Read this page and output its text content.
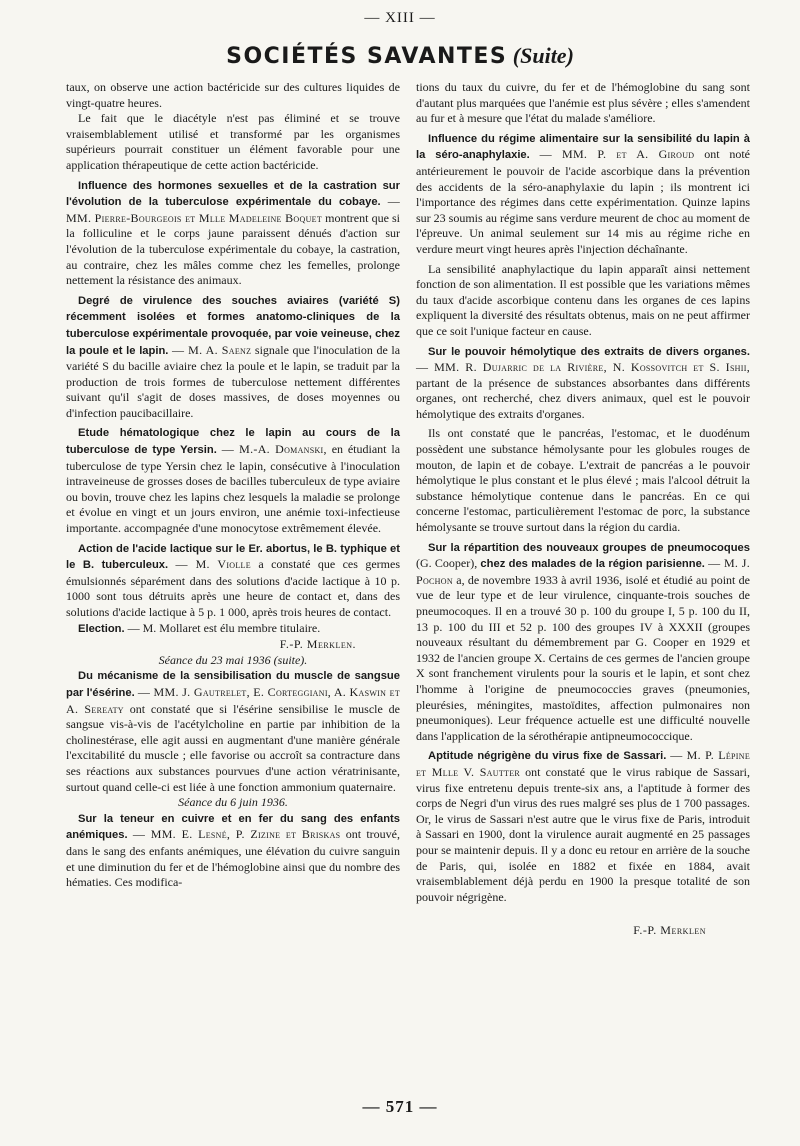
— XIII —
SOCIÉTÉS SAVANTES (Suite)

taux, on observe une action bactéricide sur des cultures liquides de vingt-quatre heures.

Le fait que le diacétyle n'est pas éliminé et se trouve vraisemblablement utilisé et transformé par les organismes supérieurs pourrait constituer un élément favorable pour une application thérapeutique de cette action bactéricide.

Influence des hormones sexuelles et de la castration sur l'évolution de la tuberculose expérimentale du cobaye. — MM. Pierre-Bourgeois et Mlle Madeleine Boquet montrent que si la folliculine et le corps jaune paraissent dénués d'action sur l'évolution de la tuberculose expérimentale du cobaye, la castration, au contraire, chez les mâles comme chez les femelles, prolonge nettement la résistance des animaux.

Degré de virulence des souches aviaires (variété S) récemment isolées et formes anatomo-cliniques de la tuberculose expérimentale provoquée, par voie veineuse, chez la poule et le lapin. — M. A. Saenz signale que l'inoculation de la variété S du bacille aviaire chez la poule et le lapin, se traduit par la production de trois formes de tuberculose nettement différentes suivant qu'il s'agit de doses massives, de doses moyennes ou d'infection paucibacillaire.

Etude hématologique chez le lapin au cours de la tuberculose de type Yersin. — M.-A. Domanski, en étudiant la tuberculose de type Yersin chez le lapin, consécutive à l'inoculation intraveineuse de grosses doses de bacilles tuberculeux de type aviaire ou bovin, trouve chez les lapins chez lesquels la maladie se prolonge et évolue en vingt et un jours environ, une anémie toxi-infectieuse importante. accompagnée d'une monocytose extrêmement élevée.

Action de l'acide lactique sur le Er. abortus, le B. typhique et le B. tuberculeux. — M. Violle a constaté que ces germes émulsionnés séparément dans des solutions d'acide lactique à 10 p. 1000 sont tous détruits après une heure de contact et, dans des solutions d'acide lactique à 5 p. 1 000, après trois heures de contact.

Election. — M. Mollaret est élu membre titulaire.

F.-P. Merklen.

Séance du 23 mai 1936 (suite).

Du mécanisme de la sensibilisation du muscle de sangsue par l'ésérine. — MM. J. Gautrelet, E. Corteggiani, A. Kaswin et A. Sereaty ont constaté que si l'ésérine sensibilise le muscle de sangsue vis-à-vis de l'acétylcholine en partie par inhibition de la cholinestérase, elle agit aussi en augmentant d'une manière générale l'excitabilité du muscle ; elle favorise ou accroît sa contracture dans ses réactions aux substances pourvues d'une action vératrinisante, surtout quand celle-ci est liée à une fonction ammonium quaternaire.

Séance du 6 juin 1936.

Sur la teneur en cuivre et en fer du sang des enfants anémiques. — MM. E. Lesné, P. Zizine et Briskas ont trouvé, dans le sang des enfants anémiques, une élévation du cuivre sanguin et une diminution du fer et de l'hémoglobine ainsi que du nombre des hématies. Ces modifica-

tions du taux du cuivre, du fer et de l'hémoglobine du sang sont d'autant plus marquées que l'anémie est plus sévère ; elles s'amendent au fur et à mesure que l'état du malade s'améliore.

Influence du régime alimentaire sur la sensibilité du lapin à la séro-anaphylaxie. — MM. P. et A. Giroud ont noté antérieurement le pouvoir de l'acide ascorbique dans la prévention des accidents de la séro-anaphylaxie du lapin ; ils montrent ici l'importance des régimes dans cette expérimentation. Quinze lapins sur 23 soumis au régime sans verdure meurent de choc au moment de l'épreuve. Un animal seulement sur 14 mis au régime riche en verdure meurt vingt heures après l'injection déchaînante.

La sensibilité anaphylactique du lapin apparaît ainsi nettement fonction de son alimentation. Il est possible que les variations mêmes du taux d'acide ascorbique contenu dans les organes de ces lapins expliquent la diversité des résultats obtenus, mais on ne peut affirmer que ce soit l'unique facteur en cause.

Sur le pouvoir hémolytique des extraits de divers organes. — MM. R. Dujarric de la Rivière, N. Kossovitch et S. Ishii, partant de la présence de substances absorbantes dans différents organes, ont recherché, chez divers animaux, quel est le pouvoir hémolytique des extraits d'organes.

Ils ont constaté que le pancréas, l'estomac, et le duodénum possèdent une substance hémolysante pour les globules rouges de mouton, de lapin et de cobaye. L'extrait de pancréas a le pouvoir hémolytique le plus constant et le plus élevé ; mais l'alcool détruit la substance hémolytique contenue dans le pancréas. En ce qui concerne l'estomac, particulièrement l'estomac de porc, la substance hémolysante se trouve surtout dans la région du cardia.

Sur la répartition des nouveaux groupes de pneumocoques (G. Cooper), chez des malades de la région parisienne. — M. J. Pochon a, de novembre 1933 à avril 1936, isolé et étudié au point de vue de leur type et de leur virulence, cinquante-trois souches de pneumocoques. Il en a trouvé 30 p. 100 du groupe I, 5 p. 100 du II, 13 p. 100 du III et 52 p. 100 des groupes IV à XXXII (groupes nouveaux résultant du démembrement par G. Cooper en 1929 et 1932 de l'ancien groupe X. Certains de ces germes de l'ancien groupe X sont franchement virulents pour la souris et le lapin, et sont chez l'homme à l'origine de pneumococcies graves (pneumonies, pleurésies, méningites, mastoïdites, affection pulmonaires non pneumoniques). Leur fréquence actuelle est une difficulté nouvelle dans l'application de la sérothérapie antipneumococcique.

Aptitude négrigène du virus fixe de Sassari. — M. P. Lépine et Mlle V. Sautter ont constaté que le virus rabique de Sassari, virus fixe entretenu depuis trente-six ans, a l'aptitude à former des corps de Negri d'un virus des rues malgré ses plus de 1 700 passages. Or, le virus de Sassari n'est autre que le virus fixe de Paris, introduit à Sassari en 1900, dont la virulence aurait augmenté en 25 passages pour se maintenir depuis. Il y a donc eu retour en arrière de la souche de Paris, qui, isolée en 1882 et fixée en 1884, avait vraisemblablement déjà perdu en 1900 la presque totalité de son pouvoir négrigène.

F.-P. Merklen

— 571 —
